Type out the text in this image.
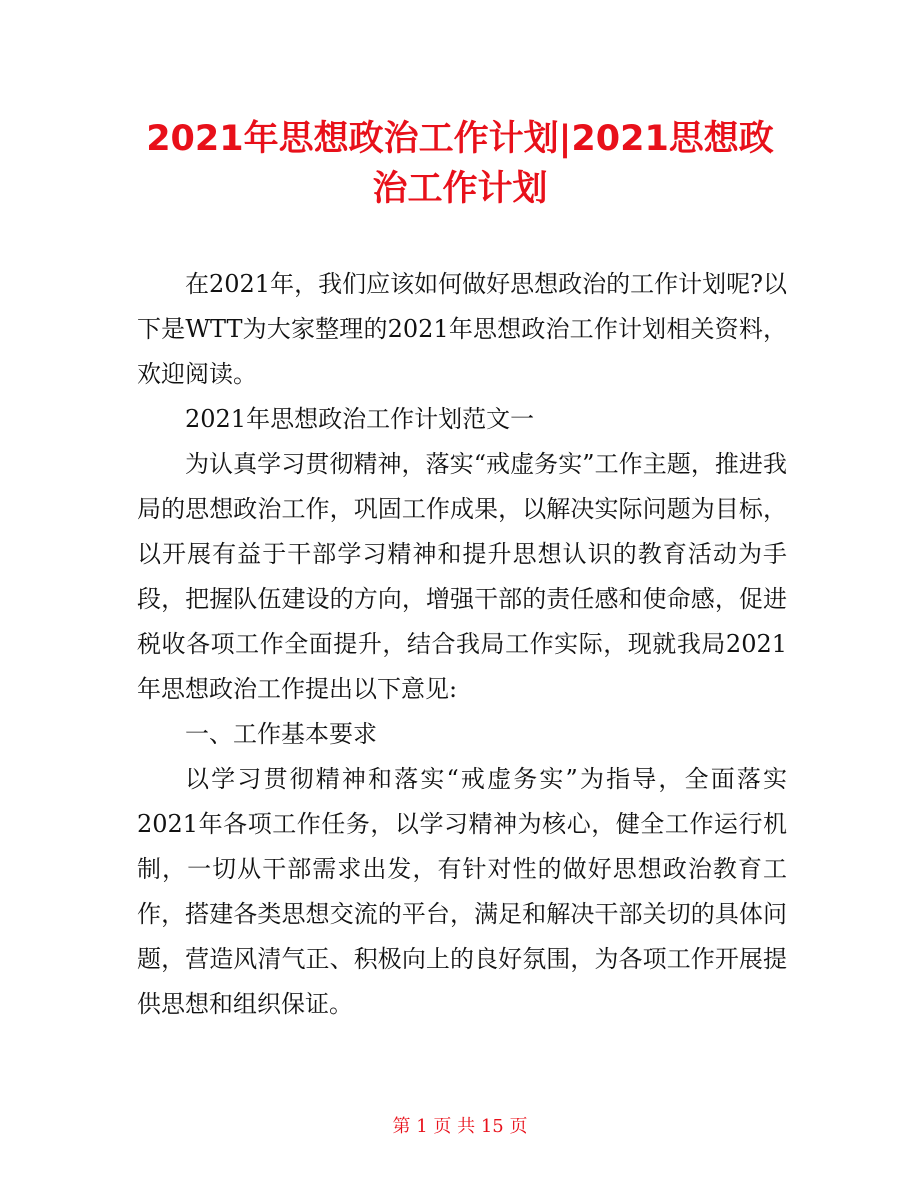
2021年思想政治工作计划|2021思想政治工作计划

在2021年，我们应该如何做好思想政治的工作计划呢?以下是WTT为大家整理的2021年思想政治工作计划相关资料，欢迎阅读。

2021年思想政治工作计划范文一

为认真学习贯彻精神，落实“戒虚务实”工作主题，推进我局的思想政治工作，巩固工作成果，以解决实际问题为目标，以开展有益于干部学习精神和提升思想认识的教育活动为手段，把握队伍建设的方向，增强干部的责任感和使命感，促进税收各项工作全面提升，结合我局工作实际，现就我局2021年思想政治工作提出以下意见:

一、工作基本要求

以学习贯彻精神和落实“戒虚务实”为指导，全面落实2021年各项工作任务，以学习精神为核心，健全工作运行机制，一切从干部需求出发，有针对性的做好思想政治教育工作，搭建各类思想交流的平台，满足和解决干部关切的具体问题，营造风清气正、积极向上的良好氛围，为各项工作开展提供思想和组织保证。

第 1 页 共 15 页
